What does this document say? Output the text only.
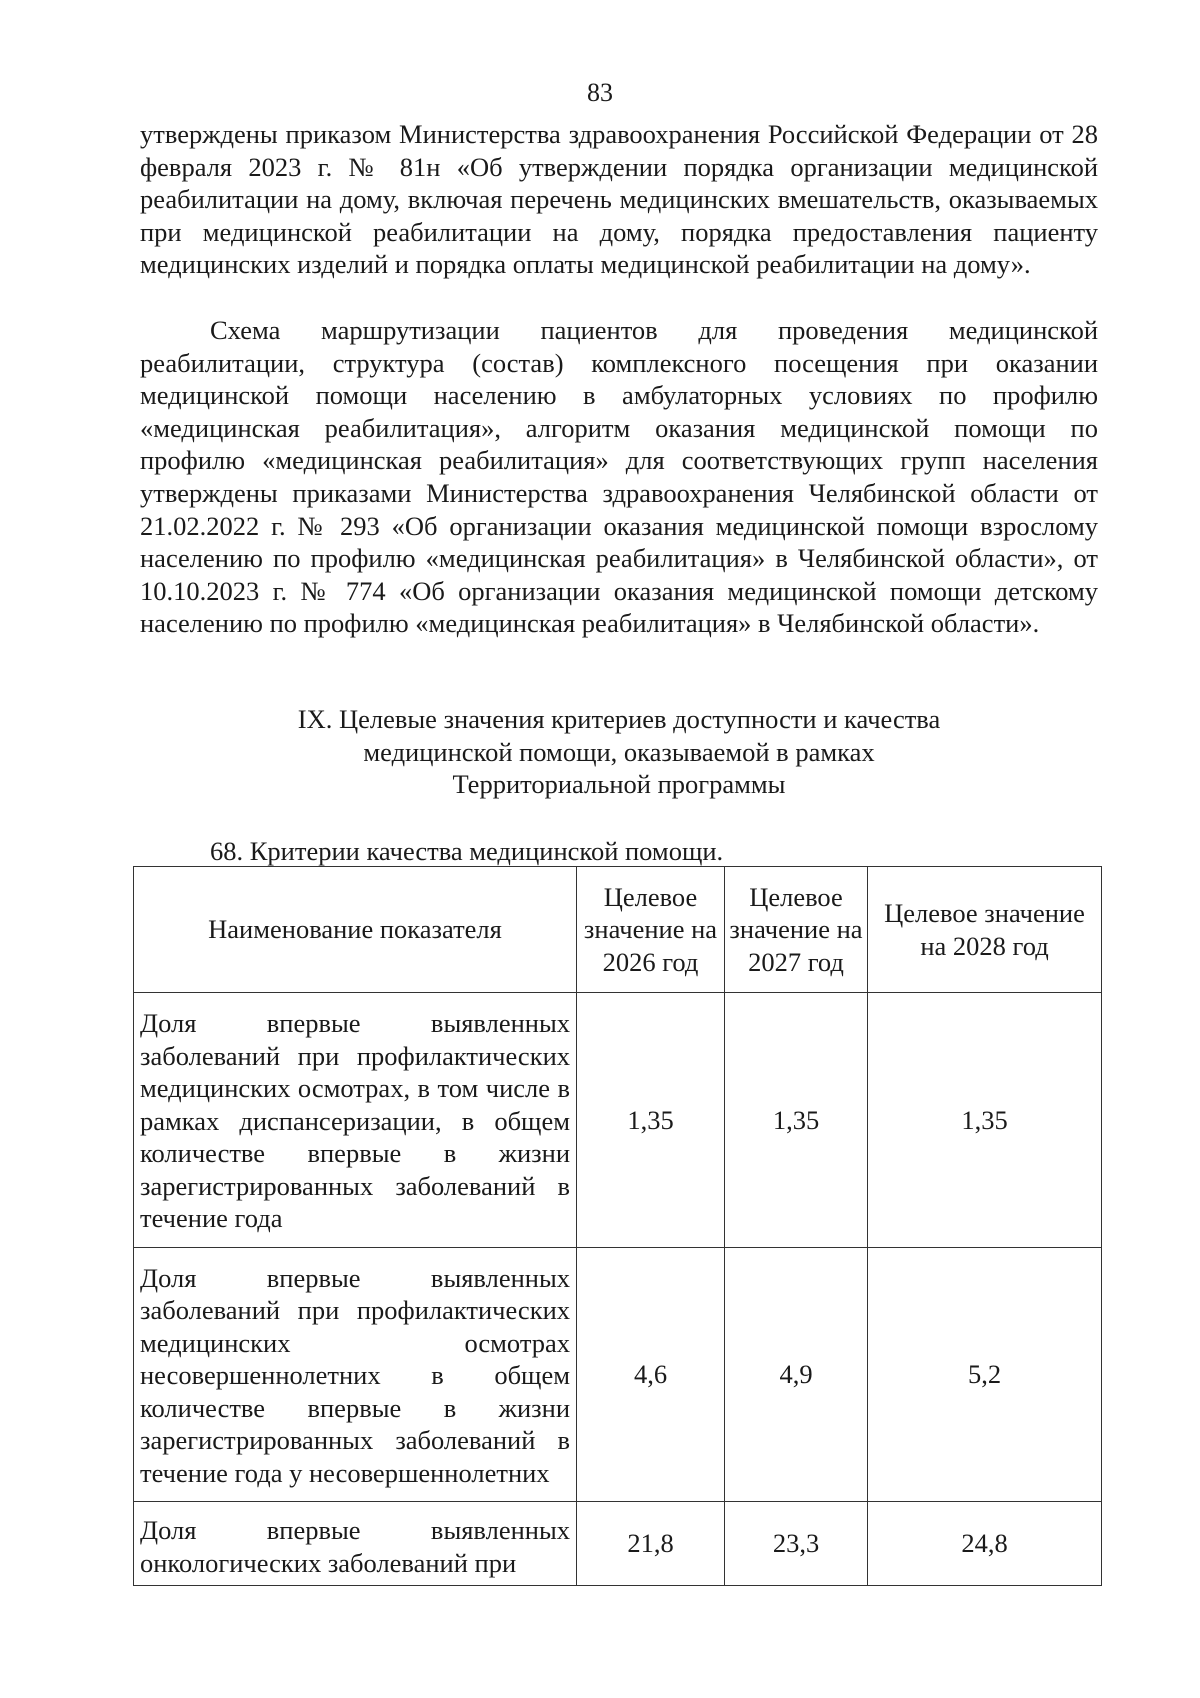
83

утверждены приказом Министерства здравоохранения Российской Федерации от 28 февраля 2023 г. № 81н «Об утверждении порядка организации медицинской реабилитации на дому, включая перечень медицинских вмешательств, оказываемых при медицинской реабилитации на дому, порядка предоставления пациенту медицинских изделий и порядка оплаты медицинской реабилитации на дому».

Схема маршрутизации пациентов для проведения медицинской реабилитации, структура (состав) комплексного посещения при оказании медицинской помощи населению в амбулаторных условиях по профилю «медицинская реабилитация», алгоритм оказания медицинской помощи по профилю «медицинская реабилитация» для соответствующих групп населения утверждены приказами Министерства здравоохранения Челябинской области от 21.02.2022 г. № 293 «Об организации оказания медицинской помощи взрослому населению по профилю «медицинская реабилитация» в Челябинской области», от 10.10.2023 г. № 774 «Об организации оказания медицинской помощи детскому населению по профилю «медицинская реабилитация» в Челябинской области».

IX. Целевые значения критериев доступности и качества
медицинской помощи, оказываемой в рамках
Территориальной программы
68. Критерии качества медицинской помощи.
Наименование показателя	Целевое значение на 2026 год	Целевое значение на 2027 год	Целевое значение на 2028 год
Доля впервые выявленных заболеваний при профилактических медицинских осмотрах, в том числе в рамках диспансеризации, в общем количестве впервые в жизни зарегистрированных заболеваний в течение года	1,35	1,35	1,35
Доля впервые выявленных заболеваний при профилактических медицинских осмотрах несовершеннолетних в общем количестве впервые в жизни зарегистрированных заболеваний в течение года у несовершеннолетних	4,6	4,9	5,2
Доля впервые выявленных онкологических заболеваний при	21,8	23,3	24,8
